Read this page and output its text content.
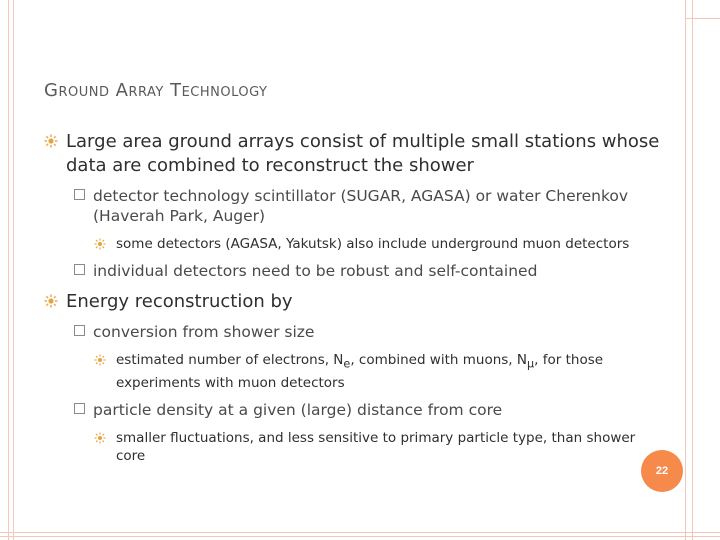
Ground Array Technology
Large area ground arrays consist of multiple small stations whose data are combined to reconstruct the shower
detector technology scintillator (SUGAR, AGASA) or water Cherenkov (Haverah Park, Auger)
some detectors (AGASA, Yakutsk) also include underground muon detectors
individual detectors need to be robust and self-contained
Energy reconstruction by
conversion from shower size
estimated number of electrons, $N_e$, combined with muons, $N_\mu$, for those experiments with muon detectors
particle density at a given (large) distance from core
smaller fluctuations, and less sensitive to primary particle type, than shower core
22
